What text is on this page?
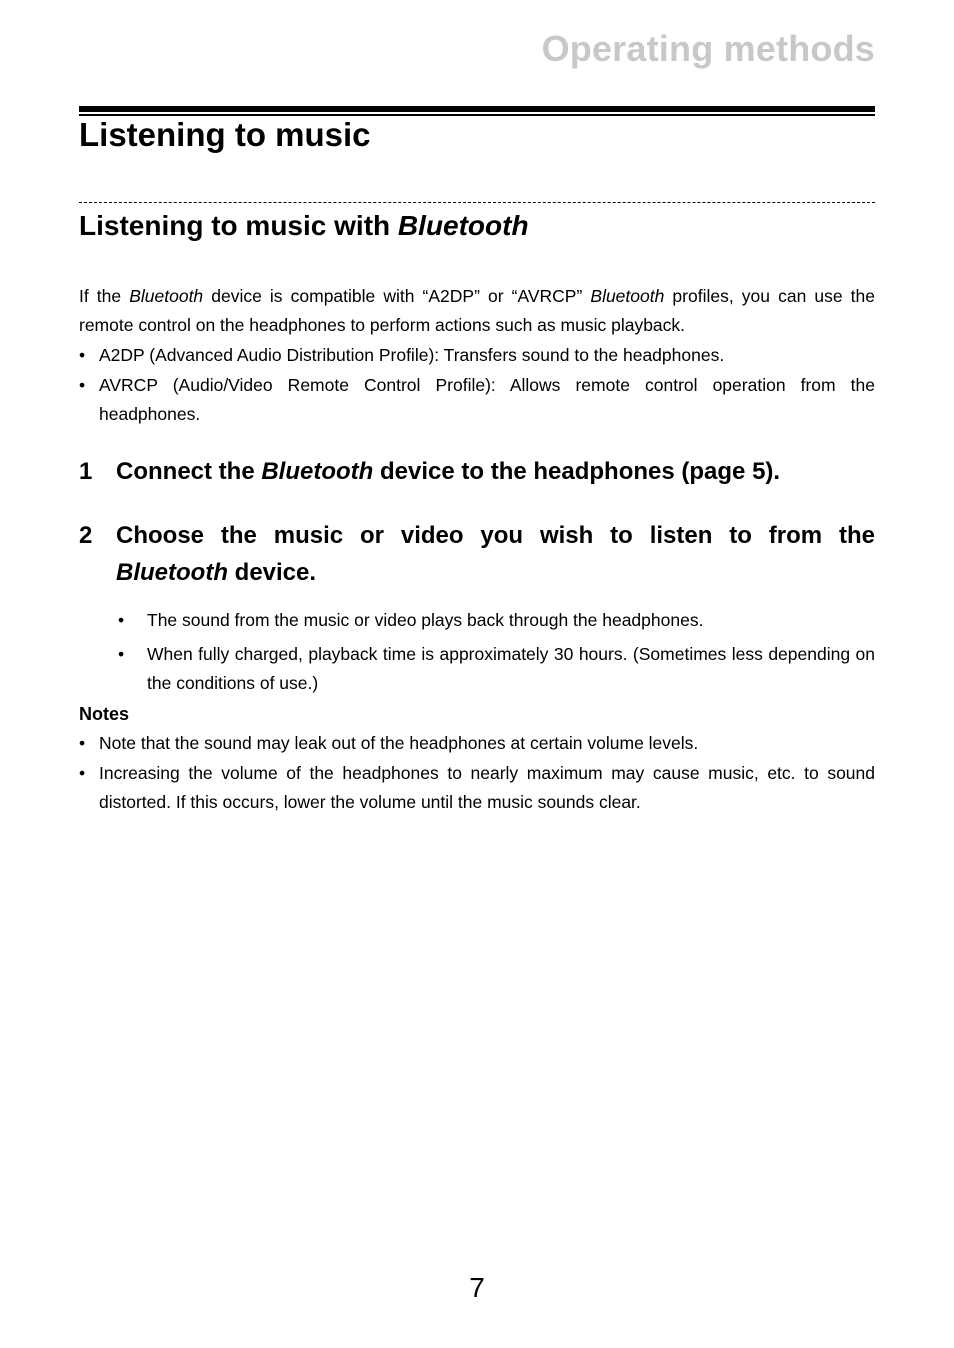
Operating methods
Listening to music
Listening to music with Bluetooth
If the Bluetooth device is compatible with “A2DP” or “AVRCP” Bluetooth profiles, you can use the remote control on the headphones to perform actions such as music playback.
• A2DP (Advanced Audio Distribution Profile): Transfers sound to the headphones.
• AVRCP (Audio/Video Remote Control Profile): Allows remote control operation from the headphones.
1 Connect the Bluetooth device to the headphones (page 5).
2 Choose the music or video you wish to listen to from the Bluetooth device.
• The sound from the music or video plays back through the headphones.
• When fully charged, playback time is approximately 30 hours. (Sometimes less depending on the conditions of use.)
Notes
• Note that the sound may leak out of the headphones at certain volume levels.
• Increasing the volume of the headphones to nearly maximum may cause music, etc. to sound distorted. If this occurs, lower the volume until the music sounds clear.
7
